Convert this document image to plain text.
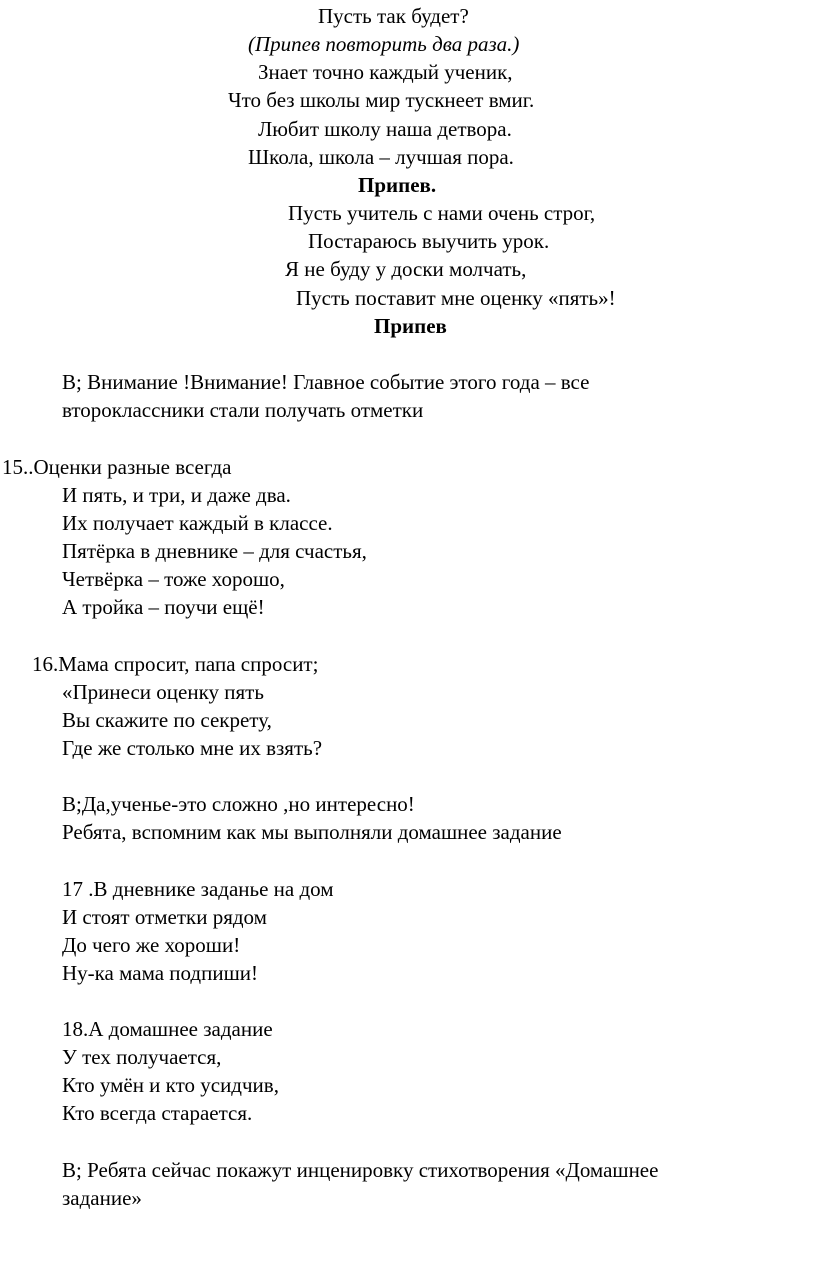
Пусть так будет?
(Припев повторить два раза.)
Знает точно каждый ученик,
Что без школы мир тускнеет вмиг.
Любит школу наша детвора.
Школа, школа – лучшая пора.
Припев.
Пусть учитель с нами очень строг,
Постараюсь выучить урок.
Я не буду у доски молчать,
Пусть поставит мне оценку «пять»!
Припев
В; Внимание !Внимание! Главное событие этого года – все
второклассники стали получать отметки
15..Оценки разные всегда
И пять, и три, и даже два.
Их получает каждый в классе.
Пятёрка в дневнике – для счастья,
Четвёрка – тоже хорошо,
А тройка – поучи ещё!
16.Мама спросит, папа спросит;
«Принеси оценку пять
Вы скажите по секрету,
Где же столько мне их взять?
В;Да,ученье-это сложно ,но интересно!
Ребята, вспомним как мы выполняли домашнее задание
17 .В дневнике заданье на дом
И стоят отметки рядом
До чего же хороши!
Ну-ка мама подпиши!
18.А домашнее задание
У тех получается,
Кто умён и кто усидчив,
Кто всегда старается.
В; Ребята сейчас покажут инценировку стихотворения «Домашнее
задание»
